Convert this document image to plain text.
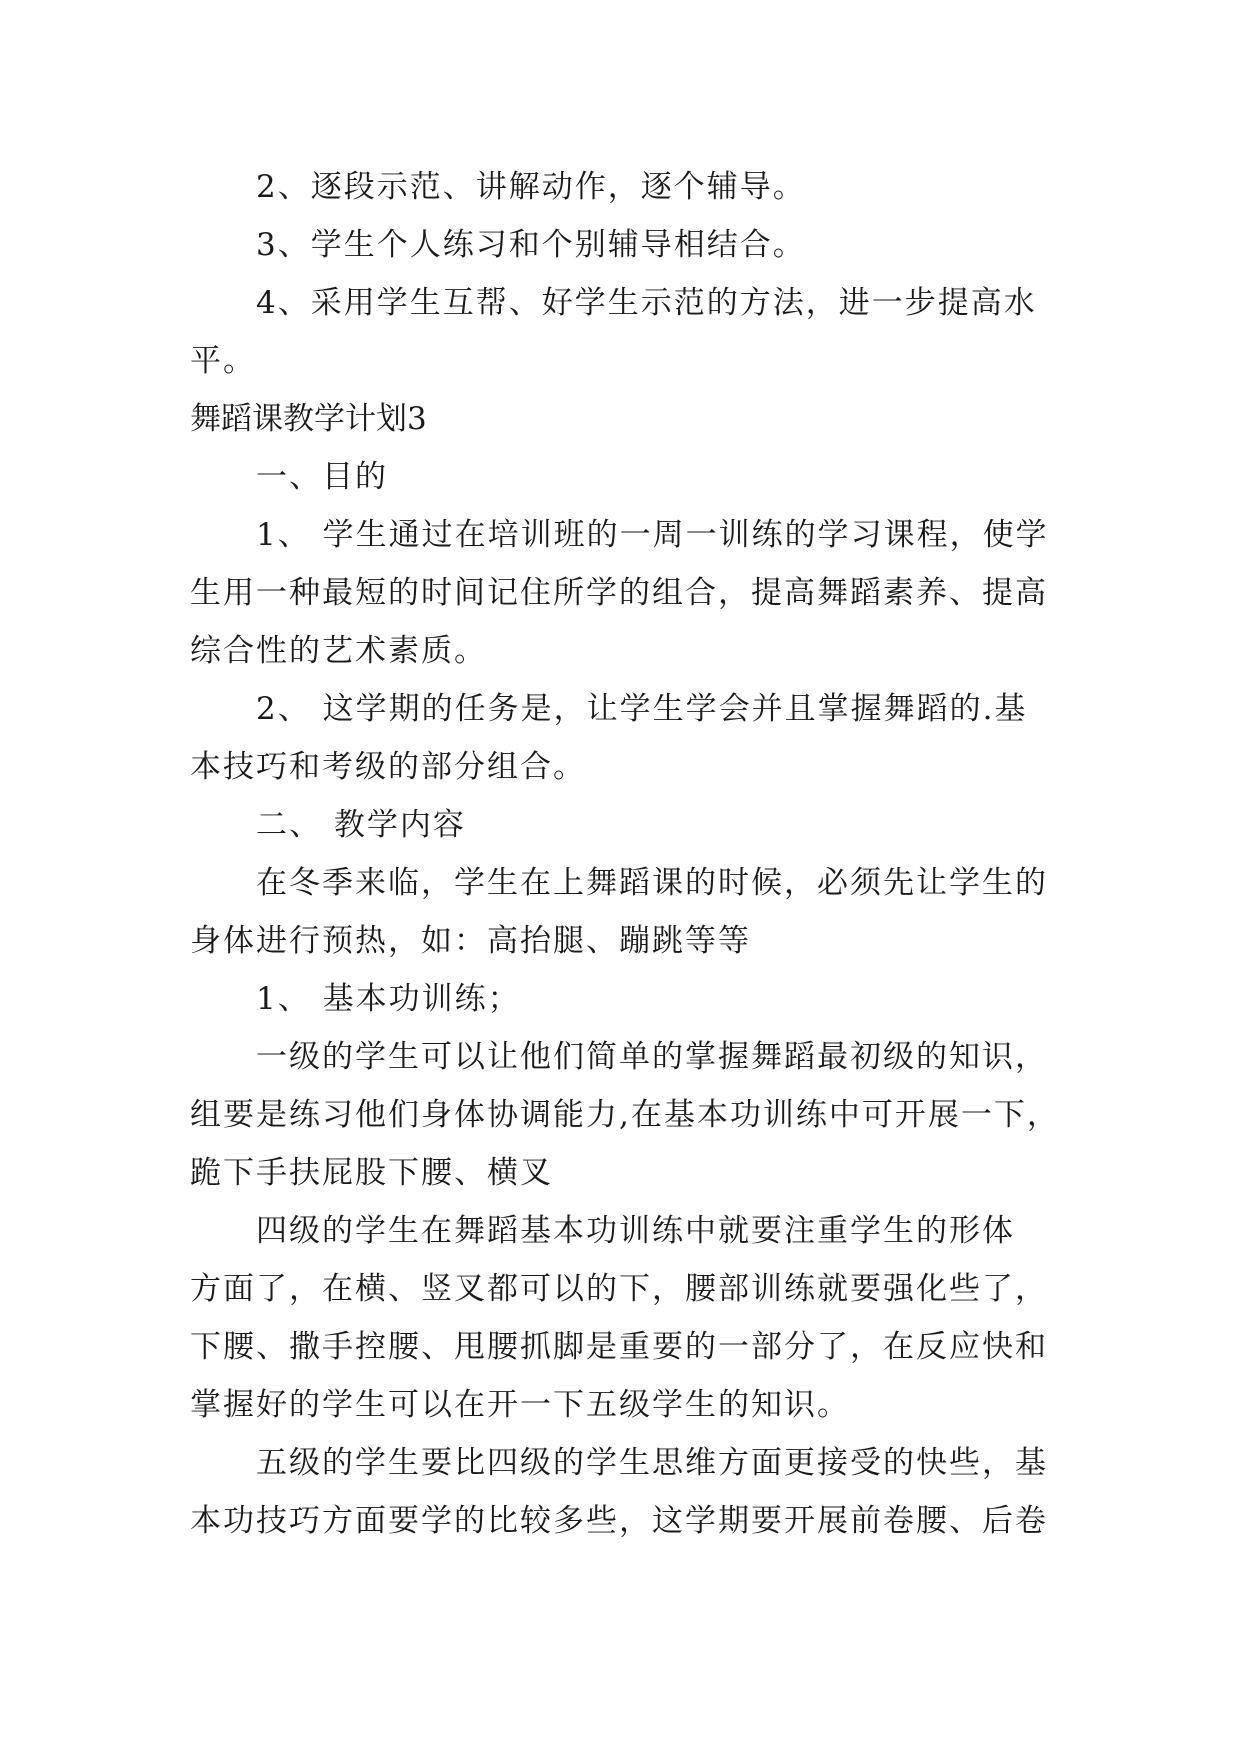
2、逐段示范、讲解动作，逐个辅导。
3、学生个人练习和个别辅导相结合。
4、采用学生互帮、好学生示范的方法，进一步提高水
平。
舞蹈课教学计划3
一、目的
1、 学生通过在培训班的一周一训练的学习课程，使学
生用一种最短的时间记住所学的组合，提高舞蹈素养、提高
综合性的艺术素质。
2、 这学期的任务是，让学生学会并且掌握舞蹈的.基
本技巧和考级的部分组合。
二、 教学内容
在冬季来临，学生在上舞蹈课的时候，必须先让学生的
身体进行预热，如：高抬腿、蹦跳等等
1、 基本功训练；
一级的学生可以让他们简单的掌握舞蹈最初级的知识，
组要是练习他们身体协调能力,在基本功训练中可开展一下，
跪下手扶屁股下腰、横叉
四级的学生在舞蹈基本功训练中就要注重学生的形体
方面了，在横、竖叉都可以的下，腰部训练就要强化些了，
下腰、撒手控腰、甩腰抓脚是重要的一部分了，在反应快和
掌握好的学生可以在开一下五级学生的知识。
五级的学生要比四级的学生思维方面更接受的快些，基
本功技巧方面要学的比较多些，这学期要开展前卷腰、后卷
